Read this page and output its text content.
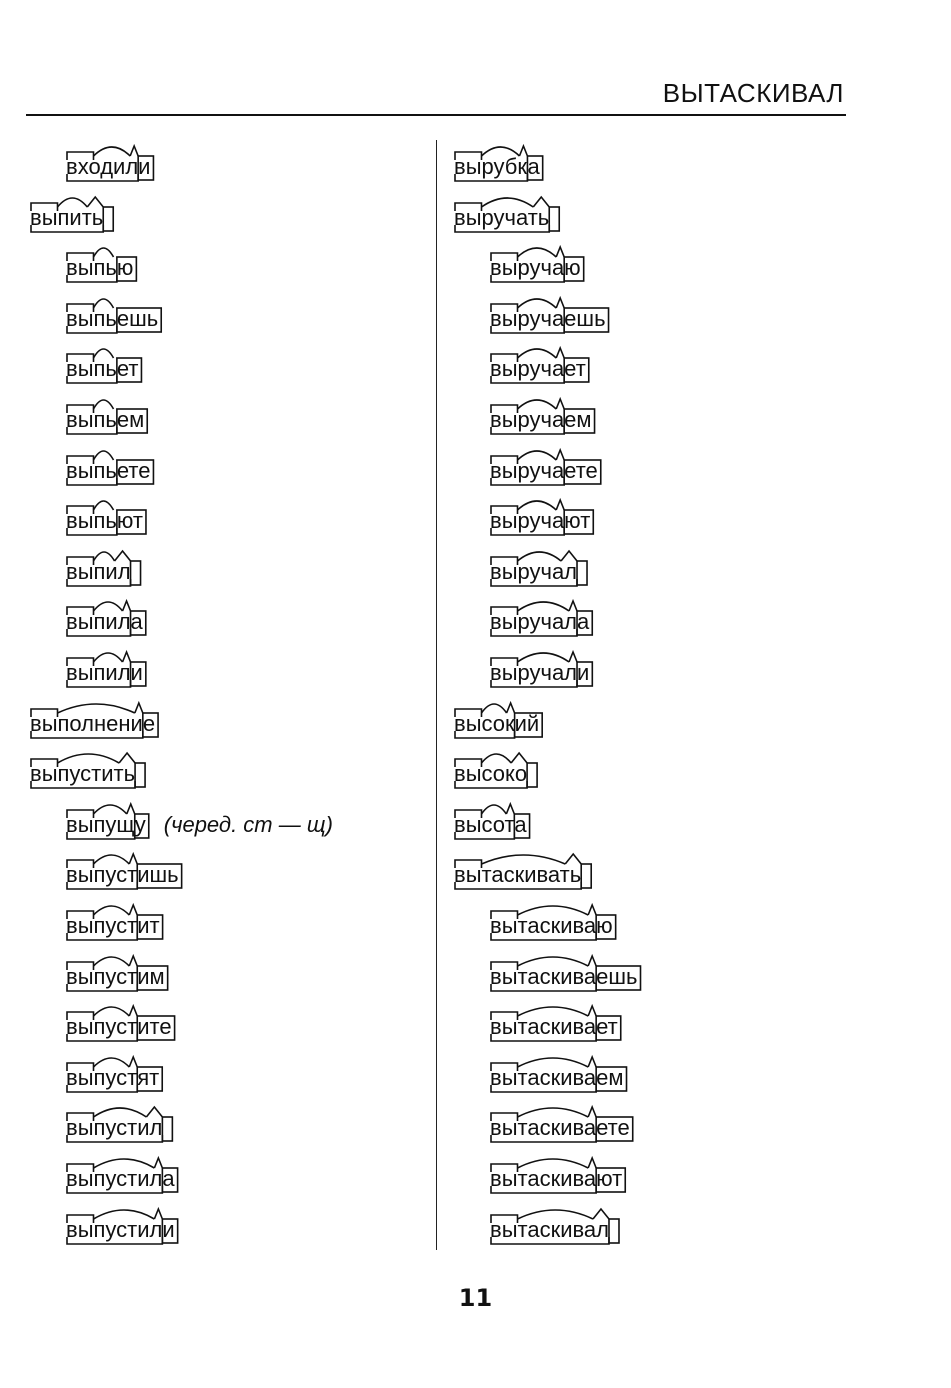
ВЫТАСКИВАЛ
входили
выпить
выпью
выпьешь
выпьет
выпьем
выпьете
выпьют
выпил
выпила
выпили
выполнение
выпустить
выпущу (черед. ст — щ)
выпустишь
выпустит
выпустим
выпустите
выпустят
выпустил
выпустила
выпустили
вырубка
выручать
выручаю
выручаешь
выручает
выручаем
выручаете
выручают
выручал
выручала
выручали
высокий
высоко
высота
вытаскивать
вытаскиваю
вытаскиваешь
вытаскивает
вытаскиваем
вытаскиваете
вытаскивают
вытаскивал
11
